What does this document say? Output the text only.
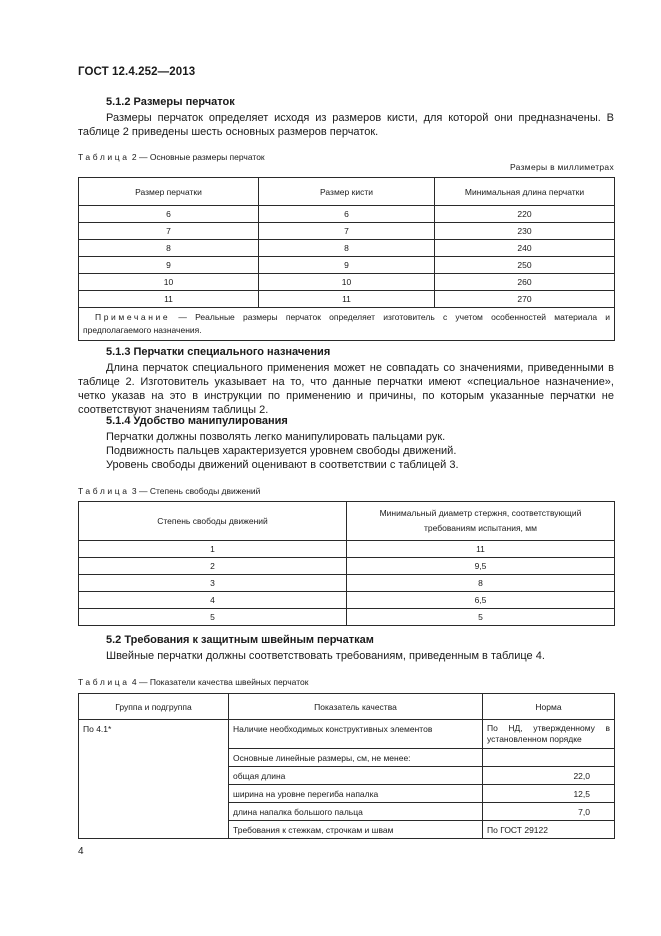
ГОСТ 12.4.252—2013
5.1.2 Размеры перчаток
Размеры перчаток определяет исходя из размеров кисти, для которой они предназначены. В таблице 2 приведены шесть основных размеров перчаток.
Таблица 2 — Основные размеры перчаток
Размеры в миллиметрах
Размер перчатки	Размер кисти	Минимальная длина перчатки
6	6	220
7	7	230
8	8	240
9	9	250
10	10	260
11	11	270
Примечание — Реальные размеры перчаток определяет изготовитель с учетом особенностей материала и предполагаемого назначения.		
5.1.3 Перчатки специального назначения
Длина перчаток специального применения может не совпадать со значениями, приведенными в таблице 2. Изготовитель указывает на то, что данные перчатки имеют «специальное назначение», четко указав на это в инструкции по применению и причины, по которым указанные перчатки не соответствуют значениям таблицы 2.
5.1.4 Удобство манипулирования
Перчатки должны позволять легко манипулировать пальцами рук.
Подвижность пальцев характеризуется уровнем свободы движений.
Уровень свободы движений оценивают в соответствии с таблицей 3.
Таблица 3 — Степень свободы движений
Степень свободы движений	Минимальный диаметр стержня, соответствующий требованиям испытания, мм
1	11
2	9,5
3	8
4	6,5
5	5
5.2 Требования к защитным швейным перчаткам
Швейные перчатки должны соответствовать требованиям, приведенным в таблице 4.
Таблица 4 — Показатели качества швейных перчаток
Группа и подгруппа	Показатель качества	Норма
По 4.1*	Наличие необходимых конструктивных элементов	По НД, утвержденному в установленном порядке
	Основные линейные размеры, см, не менее:	
	общая длина	22,0
	ширина на уровне перегиба напалка	12,5
	длина напалка большого пальца	7,0
	Требования к стежкам, строчкам и швам	По ГОСТ 29122
4
